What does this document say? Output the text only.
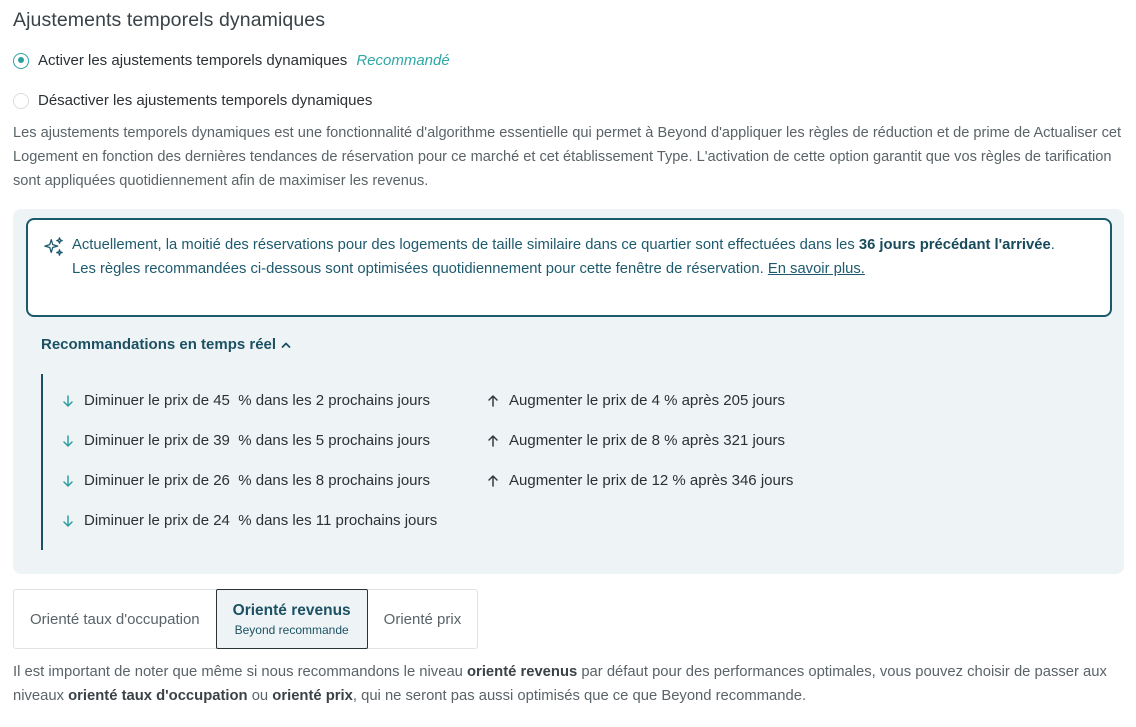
Ajustements temporels dynamiques
Activer les ajustements temporels dynamiques Recommandé
Désactiver les ajustements temporels dynamiques

Les ajustements temporels dynamiques est une fonctionnalité d'algorithme essentielle qui permet à Beyond d'appliquer les règles de réduction et de prime de Actualiser cet Logement en fonction des dernières tendances de réservation pour ce marché et cet établissement Type. L'activation de cette option garantit que vos règles de tarification sont appliquées quotidiennement afin de maximiser les revenus.

Actuellement, la moitié des réservations pour des logements de taille similaire dans ce quartier sont effectuées dans les 36 jours précédant l'arrivée.
Les règles recommandées ci-dessous sont optimisées quotidiennement pour cette fenêtre de réservation. En savoir plus.
Recommandations en temps réel
Diminuer le prix de 45  % dans les 2 prochains jours
Diminuer le prix de 39  % dans les 5 prochains jours
Diminuer le prix de 26  % dans les 8 prochains jours
Diminuer le prix de 24  % dans les 11 prochains jours
Augmenter le prix de 4 % après 205 jours
Augmenter le prix de 8 % après 321 jours
Augmenter le prix de 12 % après 346 jours
Orienté taux d'occupation
Orienté revenus
Beyond recommande
Orienté prix

Il est important de noter que même si nous recommandons le niveau orienté revenus par défaut pour des performances optimales, vous pouvez choisir de passer aux niveaux orienté taux d'occupation ou orienté prix, qui ne seront pas aussi optimisés que ce que Beyond recommande.
